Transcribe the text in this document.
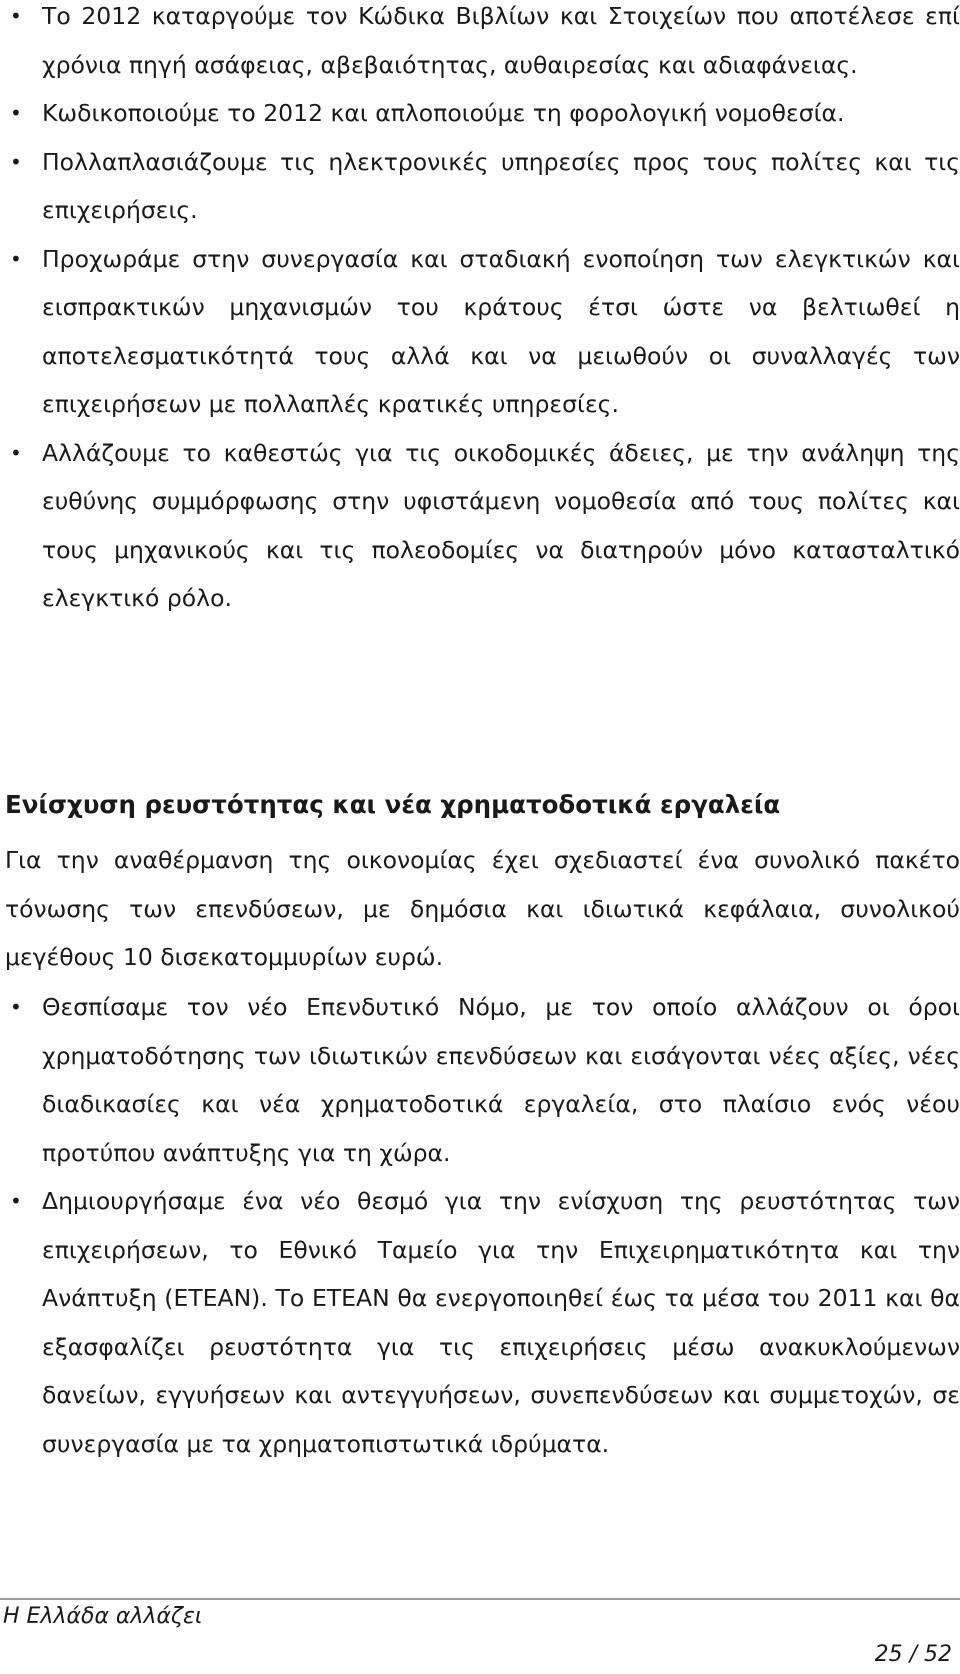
• Το 2012 καταργούμε τον Κώδικα Βιβλίων και Στοιχείων που αποτέλεσε επί χρόνια πηγή ασάφειας, αβεβαιότητας, αυθαιρεσίας και αδιαφάνειας.
• Κωδικοποιούμε το 2012 και απλοποιούμε τη φορολογική νομοθεσία.
• Πολλαπλασιάζουμε τις ηλεκτρονικές υπηρεσίες προς τους πολίτες και τις επιχειρήσεις.
• Προχωράμε στην συνεργασία και σταδιακή ενοποίηση των ελεγκτικών και εισπρακτικών μηχανισμών του κράτους έτσι ώστε να βελτιωθεί η αποτελεσματικότητά τους αλλά και να μειωθούν οι συναλλαγές των επιχειρήσεων με πολλαπλές κρατικές υπηρεσίες.
• Αλλάζουμε το καθεστώς για τις οικοδομικές άδειες, με την ανάληψη της ευθύνης συμμόρφωσης στην υφιστάμενη νομοθεσία από τους πολίτες και τους μηχανικούς και τις πολεοδομίες να διατηρούν μόνο κατασταλτικό ελεγκτικό ρόλο.
Ενίσχυση ρευστότητας και νέα χρηματοδοτικά εργαλεία

Για την αναθέρμανση της οικονομίας έχει σχεδιαστεί ένα συνολικό πακέτο τόνωσης των επενδύσεων, με δημόσια και ιδιωτικά κεφάλαια, συνολικού μεγέθους 10 δισεκατομμυρίων ευρώ.

• Θεσπίσαμε τον νέο Επενδυτικό Νόμο, με τον οποίο αλλάζουν οι όροι χρηματοδότησης των ιδιωτικών επενδύσεων και εισάγονται νέες αξίες, νέες διαδικασίες και νέα χρηματοδοτικά εργαλεία, στο πλαίσιο ενός νέου προτύπου ανάπτυξης για τη χώρα.
• Δημιουργήσαμε ένα νέο θεσμό για την ενίσχυση της ρευστότητας των επιχειρήσεων, το Εθνικό Ταμείο για την Επιχειρηματικότητα και την Ανάπτυξη (ΕΤΕΑΝ). Το ΕΤΕΑΝ θα ενεργοποιηθεί έως τα μέσα του 2011 και θα εξασφαλίζει ρευστότητα για τις επιχειρήσεις μέσω ανακυκλούμενων δανείων, εγγυήσεων και αντεγγυήσεων, συνεπενδύσεων και συμμετοχών, σε συνεργασία με τα χρηματοπιστωτικά ιδρύματα.
Η Ελλάδα αλλάζει
25 / 52
